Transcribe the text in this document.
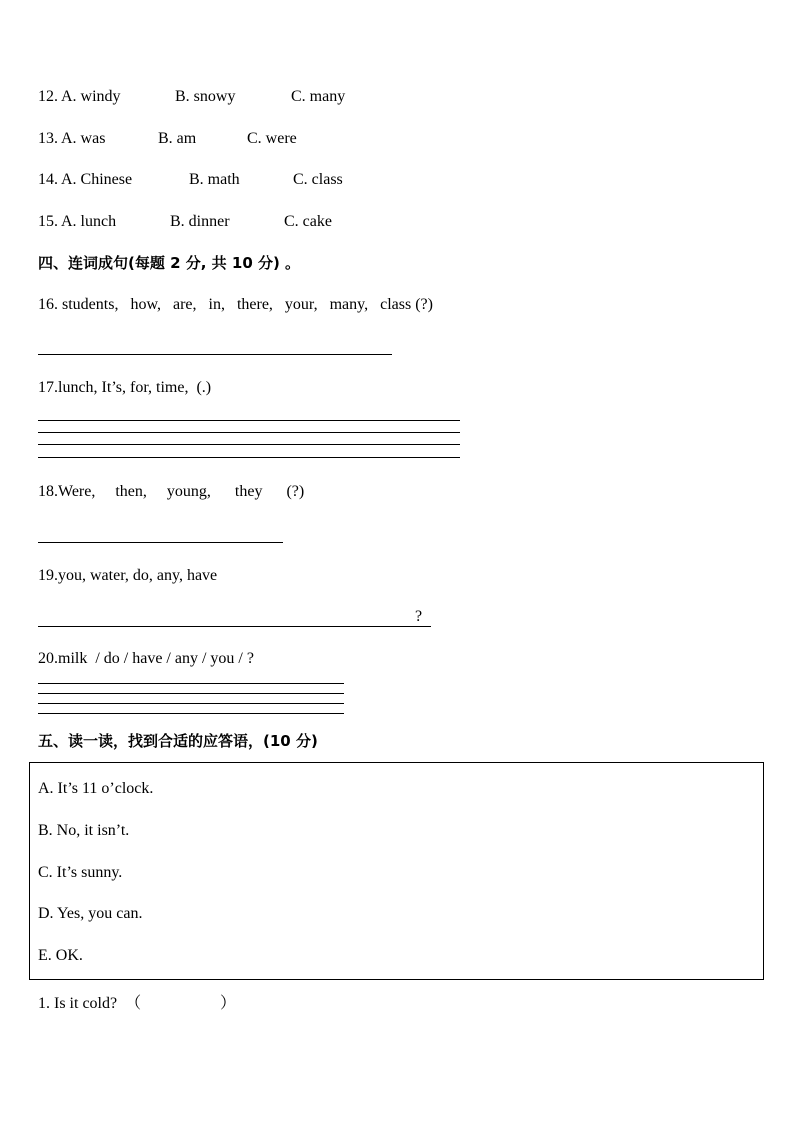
12. A. windy	B. snowy	C. many
13. A. was	B. am	C. were
14. A. Chinese	B. math	C. class
15. A. lunch	B. dinner	C. cake
四、连词成句(每题 2 分, 共 10 分) 。
16. students,   how,   are,   in,   there,   your,   many,   class (?)
17.lunch, It’s, for, time,  (.)
18.Were,     then,     young,      they      (?)
19.you, water, do, any, have
?
20.milk  / do / have / any / you / ?
五、读一读，找到合适的应答语，(10 分)
A. It’s 11 o’clock.
B. No, it isn’t.
C. It’s sunny.
D. Yes, you can.
E. OK.
1. Is it cold?  （	）
